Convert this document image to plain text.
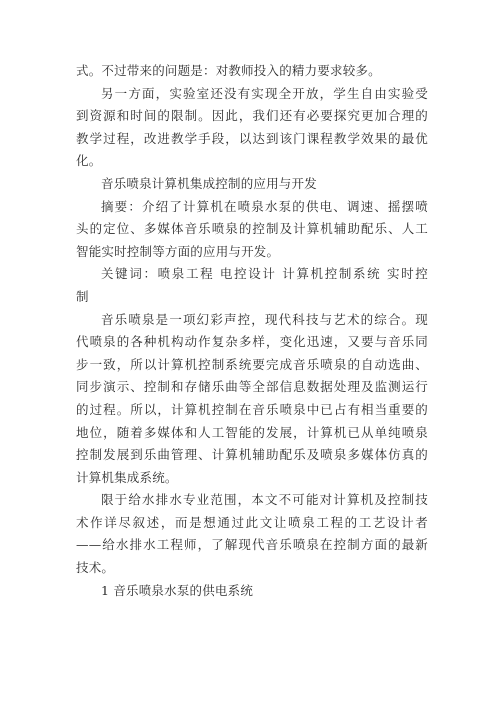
式。不过带来的问题是：对教师投入的精力要求较多。
另一方面，实验室还没有实现全开放，学生自由实验受
到资源和时间的限制。因此，我们还有必要探究更加合理的
教学过程，改进教学手段，以达到该门课程教学效果的最优
化。
音乐喷泉计算机集成控制的应用与开发
摘要：介绍了计算机在喷泉水泵的供电、调速、摇摆喷
头的定位、多媒体音乐喷泉的控制及计算机辅助配乐、人工
智能实时控制等方面的应用与开发。
关键词：喷泉工程 电控设计 计算机控制系统 实时控
制
音乐喷泉是一项幻彩声控，现代科技与艺术的综合。现
代喷泉的各种机构动作复杂多样，变化迅速，又要与音乐同
步一致，所以计算机控制系统要完成音乐喷泉的自动选曲、
同步演示、控制和存储乐曲等全部信息数据处理及监测运行
的过程。所以，计算机控制在音乐喷泉中已占有相当重要的
地位，随着多媒体和人工智能的发展，计算机已从单纯喷泉
控制发展到乐曲管理、计算机辅助配乐及喷泉多媒体仿真的
计算机集成系统。
限于给水排水专业范围，本文不可能对计算机及控制技
术作详尽叙述，而是想通过此文让喷泉工程的工艺设计者
——给水排水工程师，了解现代音乐喷泉在控制方面的最新
技术。
1 音乐喷泉水泵的供电系统
